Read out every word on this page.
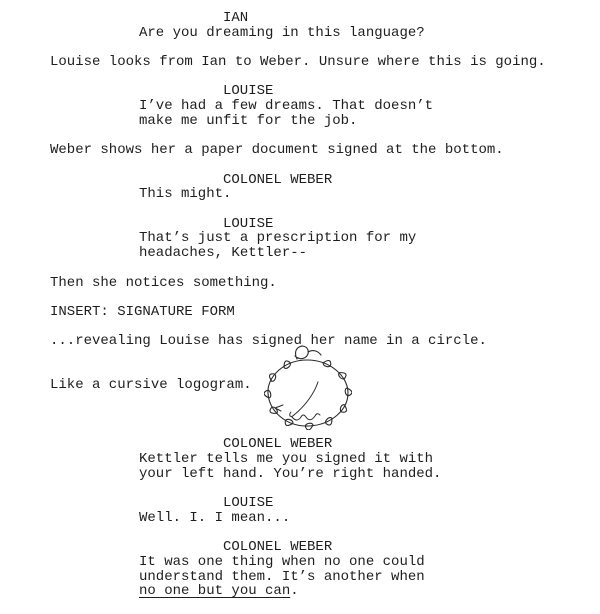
IAN
Are you dreaming in this language?
Louise looks from Ian to Weber. Unsure where this is going.
LOUISE
I’ve had a few dreams. That doesn’t
make me unfit for the job.
Weber shows her a paper document signed at the bottom.
COLONEL WEBER
This might.
LOUISE
That’s just a prescription for my
headaches, Kettler--
Then she notices something.
INSERT: SIGNATURE FORM
...revealing Louise has signed her name in a circle.
Like a cursive logogram.
COLONEL WEBER
Kettler tells me you signed it with
your left hand. You’re right handed.
LOUISE
Well. I. I mean...
COLONEL WEBER
It was one thing when no one could
understand them. It’s another when
no one but you can.
